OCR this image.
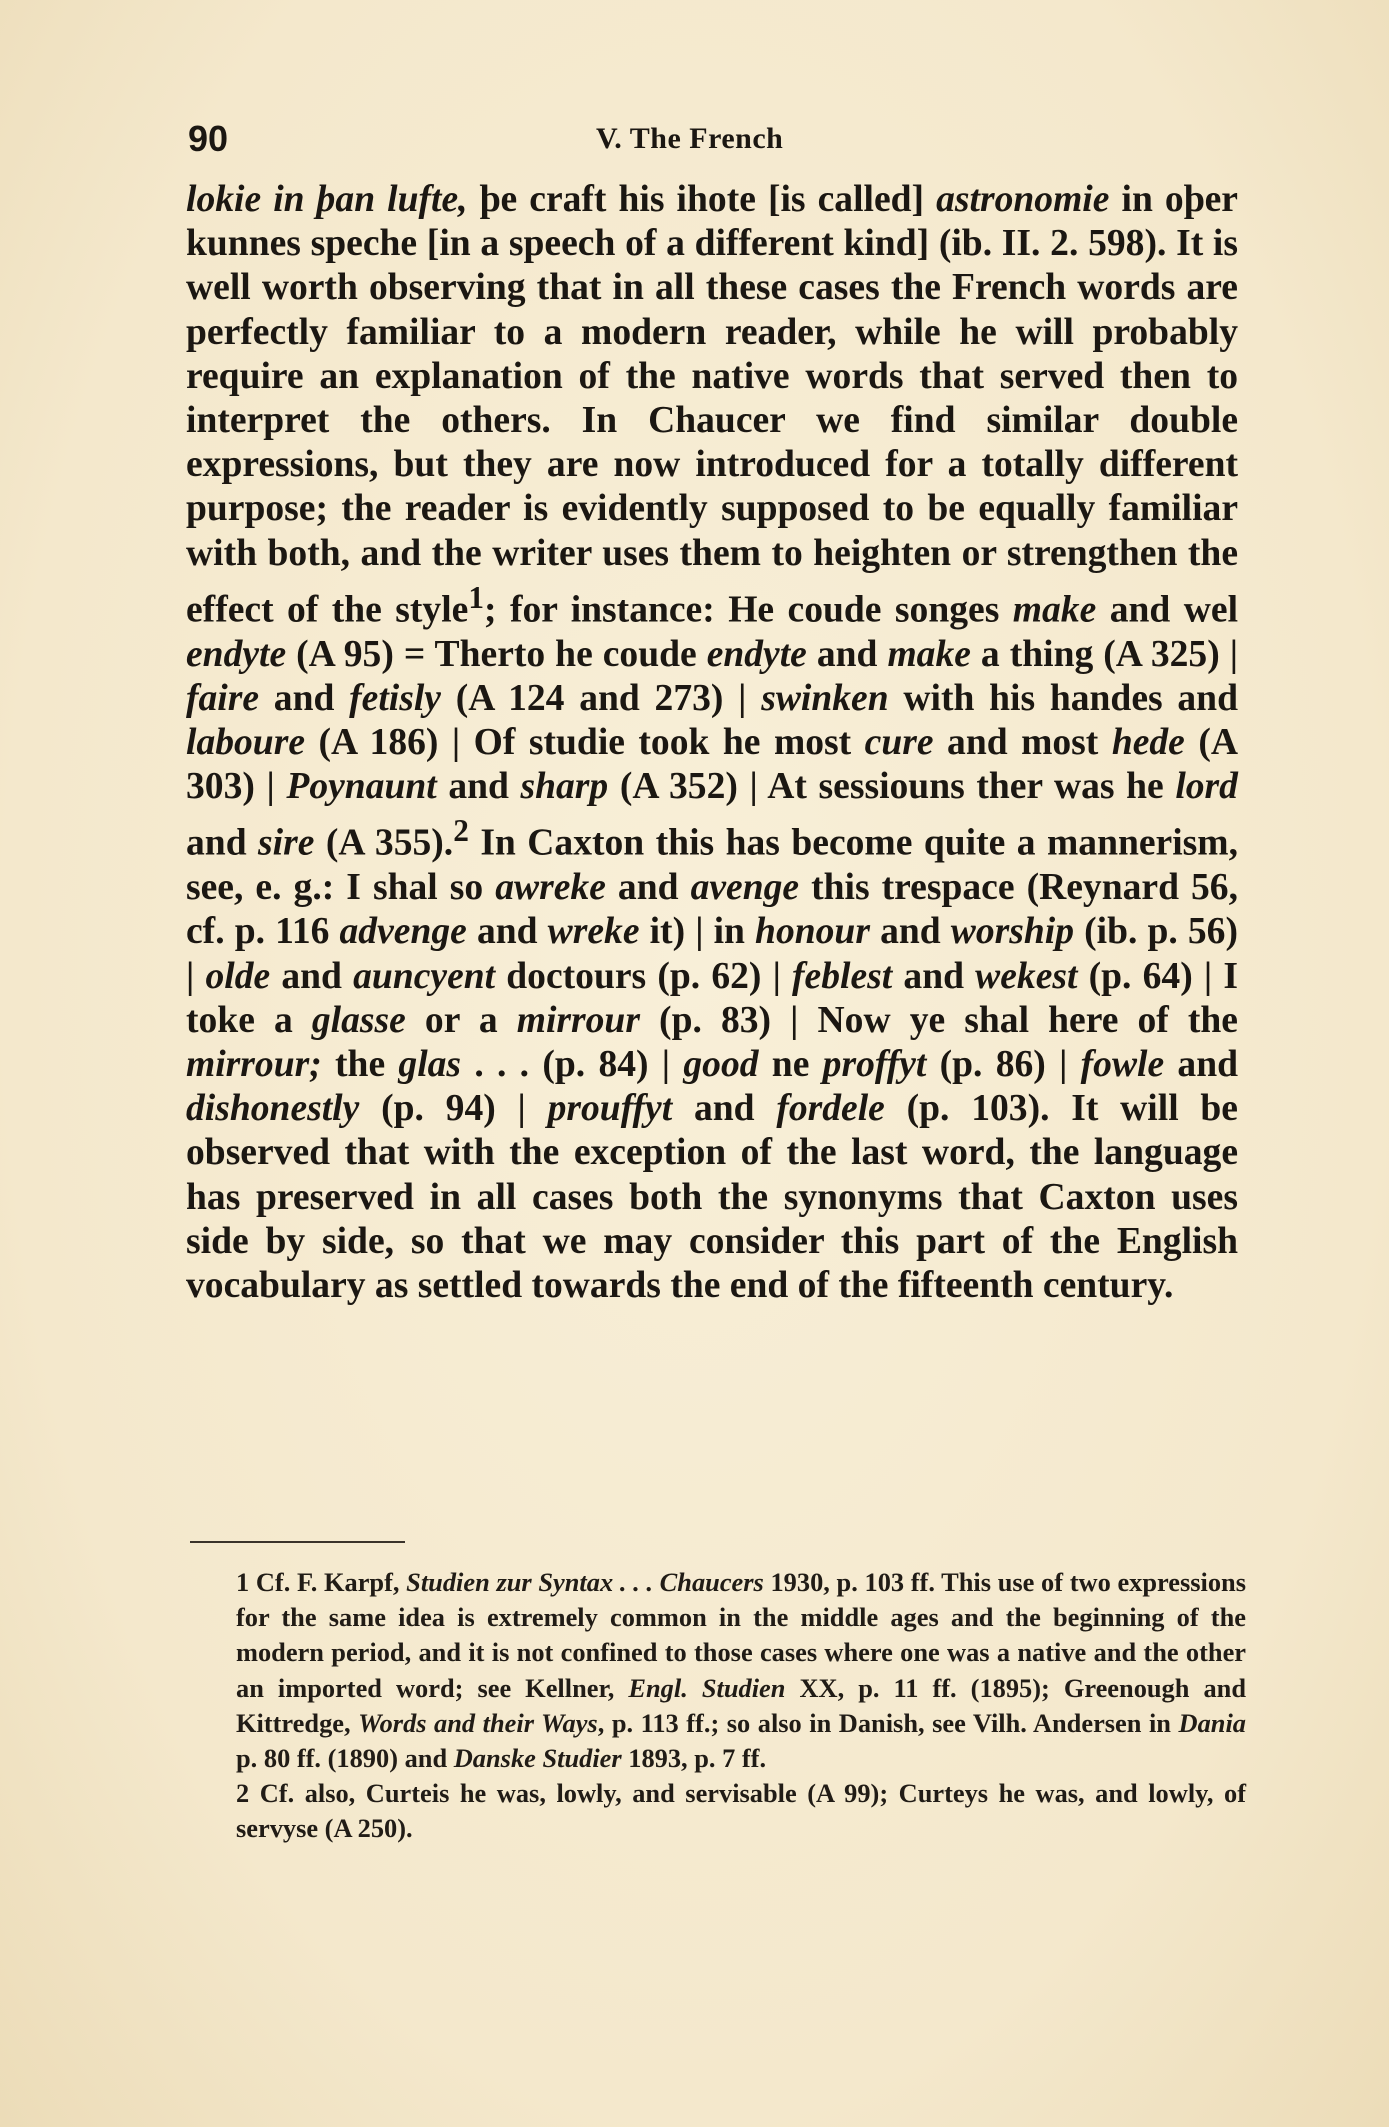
90	V. The French

lokie in þan lufte, þe craft his ihote [is called] astronomie in oþer kunnes speche [in a speech of a different kind] (ib. II. 2. 598). It is well worth observing that in all these cases the French words are perfectly familiar to a modern reader, while he will probably require an explanation of the native words that served then to interpret the others. In Chaucer we find similar double expressions, but they are now introduced for a totally different purpose; the reader is evidently supposed to be equally familiar with both, and the writer uses them to heighten or strengthen the effect of the style$^1$; for instance: He coude songes make and wel endyte (A 95) = Therto he coude endyte and make a thing (A 325) | faire and fetisly (A 124 and 273) | swinken with his handes and laboure (A 186) | Of studie took he most cure and most hede (A 303) | Poynaunt and sharp (A 352) | At sessiouns ther was he lord and sire (A 355).$^2$ In Caxton this has become quite a mannerism, see, e. g.: I shal so awreke and avenge this trespace (Reynard 56, cf. p. 116 advenge and wreke it) | in honour and worship (ib. p. 56) | olde and auncyent doctours (p. 62) | feblest and wekest (p. 64) | I toke a glasse or a mirrour (p. 83) | Now ye shal here of the mirrour; the glas . . . (p. 84) | good ne proffyt (p. 86) | fowle and dishonestly (p. 94) | prouffyt and fordele (p. 103). It will be observed that with the exception of the last word, the language has preserved in all cases both the synonyms that Caxton uses side by side, so that we may consider this part of the English vocabulary as settled towards the end of the fifteenth century.

1 Cf. F. Karpf, Studien zur Syntax . . . Chaucers 1930, p. 103 ff. This use of two expressions for the same idea is extremely common in the middle ages and the beginning of the modern period, and it is not confined to those cases where one was a native and the other an imported word; see Kellner, Engl. Studien XX, p. 11 ff. (1895); Greenough and Kittredge, Words and their Ways, p. 113 ff.; so also in Danish, see Vilh. Andersen in Dania p. 80 ff. (1890) and Danske Studier 1893, p. 7 ff.

2 Cf. also, Curteis he was, lowly, and servisable (A 99); Curteys he was, and lowly, of servyse (A 250).
